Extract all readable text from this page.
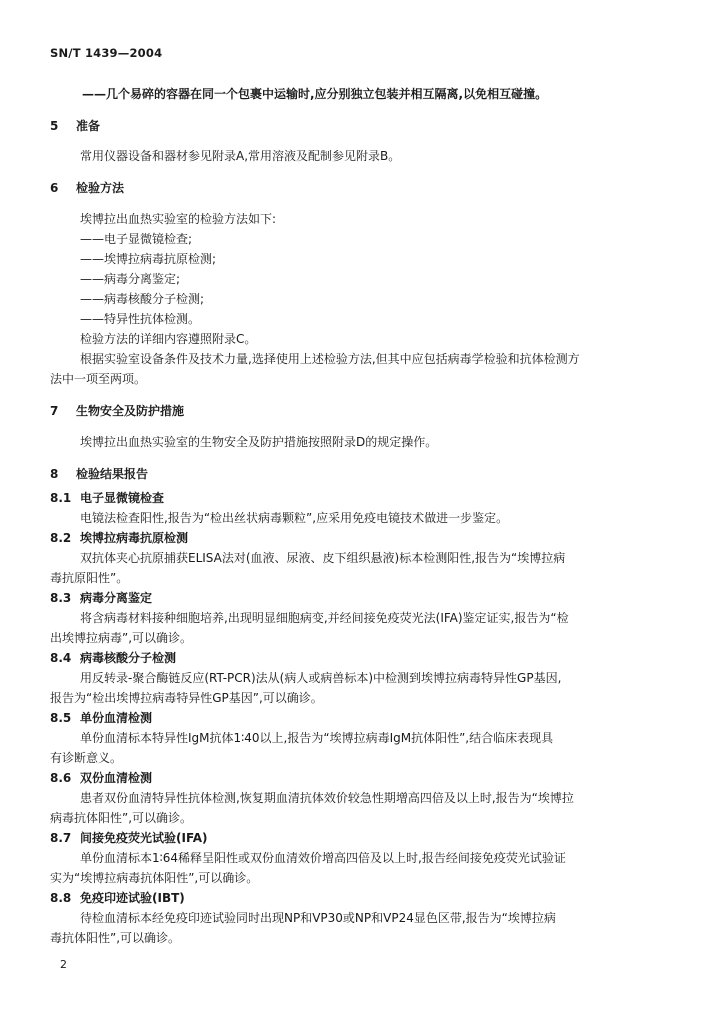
SN/T 1439—2004
——几个易碎的容器在同一个包裹中运输时,应分别独立包装并相互隔离,以免相互碰撞。
5 准备
常用仪器设备和器材参见附录A,常用溶液及配制参见附录B。
6 检验方法
埃博拉出血热实验室的检验方法如下:
——电子显微镜检查;
——埃博拉病毒抗原检测;
——病毒分离鉴定;
——病毒核酸分子检测;
——特异性抗体检测。
检验方法的详细内容遵照附录C。
根据实验室设备条件及技术力量,选择使用上述检验方法,但其中应包括病毒学检验和抗体检测方
法中一项至两项。
7 生物安全及防护措施
埃博拉出血热实验室的生物安全及防护措施按照附录D的规定操作。
8 检验结果报告
8.1 电子显微镜检查
电镜法检查阳性,报告为“检出丝状病毒颗粒”,应采用免疫电镜技术做进一步鉴定。
8.2 埃博拉病毒抗原检测
双抗体夹心抗原捕获ELISA法对(血液、尿液、皮下组织悬液)标本检测阳性,报告为“埃博拉病
毒抗原阳性”。
8.3 病毒分离鉴定
将含病毒材料接种细胞培养,出现明显细胞病变,并经间接免疫荧光法(IFA)鉴定证实,报告为“检
出埃博拉病毒”,可以确诊。
8.4 病毒核酸分子检测
用反转录-聚合酶链反应(RT-PCR)法从(病人或病兽标本)中检测到埃博拉病毒特异性GP基因,
报告为“检出埃博拉病毒特异性GP基因”,可以确诊。
8.5 单份血清检测
单份血清标本特异性IgM抗体1∶40以上,报告为“埃博拉病毒IgM抗体阳性”,结合临床表现具
有诊断意义。
8.6 双份血清检测
患者双份血清特异性抗体检测,恢复期血清抗体效价较急性期增高四倍及以上时,报告为“埃博拉
病毒抗体阳性”,可以确诊。
8.7 间接免疫荧光试验(IFA)
单份血清标本1∶64稀释呈阳性或双份血清效价增高四倍及以上时,报告经间接免疫荧光试验证
实为“埃博拉病毒抗体阳性”,可以确诊。
8.8 免疫印迹试验(IBT)
待检血清标本经免疫印迹试验同时出现NP和VP30或NP和VP24显色区带,报告为“埃博拉病
毒抗体阳性”,可以确诊。
2
